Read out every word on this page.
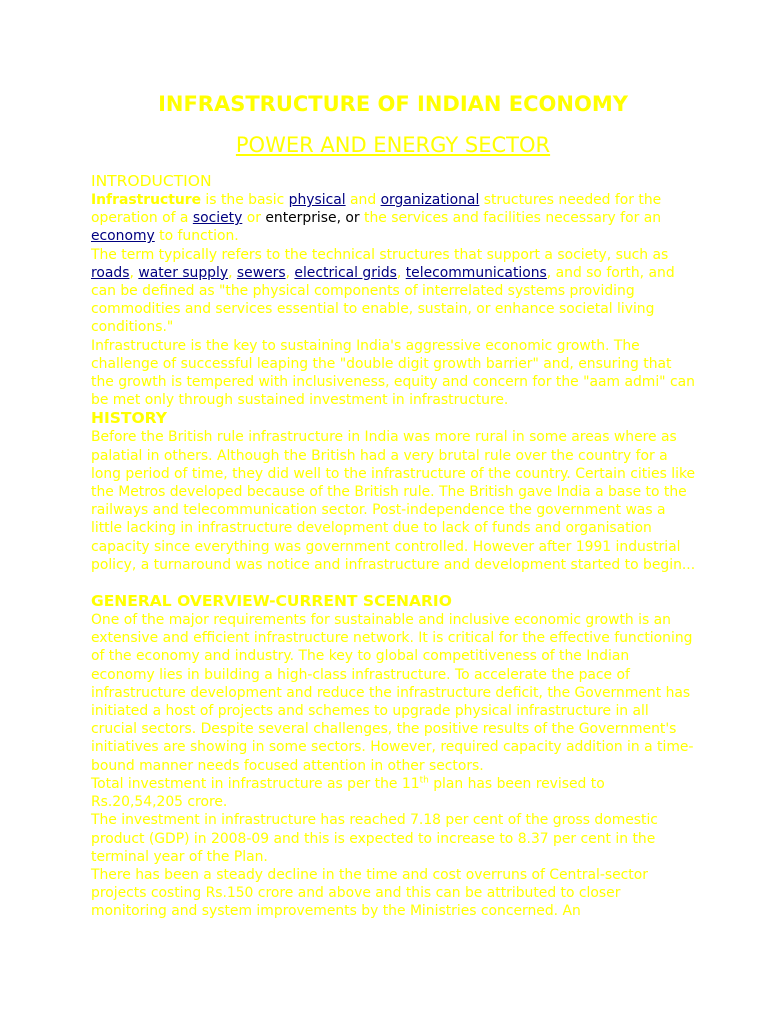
INFRASTRUCTURE OF INDIAN ECONOMY
POWER AND ENERGY SECTOR
INTRODUCTION

Infrastructure is the basic physical and organizational structures needed for the operation of a society or enterprise, or the services and facilities necessary for an economy to function.

The term typically refers to the technical structures that support a society, such as roads, water supply, sewers, electrical grids, telecommunications, and so forth, and can be defined as "the physical components of interrelated systems providing commodities and services essential to enable, sustain, or enhance societal living conditions."

Infrastructure is the key to sustaining India's aggressive economic growth. The challenge of successful leaping the "double digit growth barrier" and, ensuring that the growth is tempered with inclusiveness, equity and concern for the "aam admi" can be met only through sustained investment in infrastructure.

HISTORY

Before the British rule infrastructure in India was more rural in some areas where as palatial in others. Although the British had a very brutal rule over the country for a long period of time, they did well to the infrastructure of the country. Certain cities like the Metros developed because of the British rule. The British gave India a base to the railways and telecommunication sector. Post-independence the government was a little lacking in infrastructure development due to lack of funds and organisation capacity since everything was government controlled. However after 1991 industrial policy, a turnaround was notice and infrastructure and development started to begin...

GENERAL OVERVIEW-CURRENT SCENARIO

One of the major requirements for sustainable and inclusive economic growth is an extensive and efficient infrastructure network. It is critical for the effective functioning of the economy and industry. The key to global competitiveness of the Indian economy lies in building a high-class infrastructure. To accelerate the pace of infrastructure development and reduce the infrastructure deficit, the Government has initiated a host of projects and schemes to upgrade physical infrastructure in all crucial sectors. Despite several challenges, the positive results of the Government's initiatives are showing in some sectors. However, required capacity addition in a time-bound manner needs focused attention in other sectors.

Total investment in infrastructure as per the 11th plan has been revised to Rs.20,54,205 crore.

The investment in infrastructure has reached 7.18 per cent of the gross domestic product (GDP) in 2008-09 and this is expected to increase to 8.37 per cent in the terminal year of the Plan.

There has been a steady decline in the time and cost overruns of Central-sector projects costing Rs.150 crore and above and this can be attributed to closer monitoring and system improvements by the Ministries concerned. An
